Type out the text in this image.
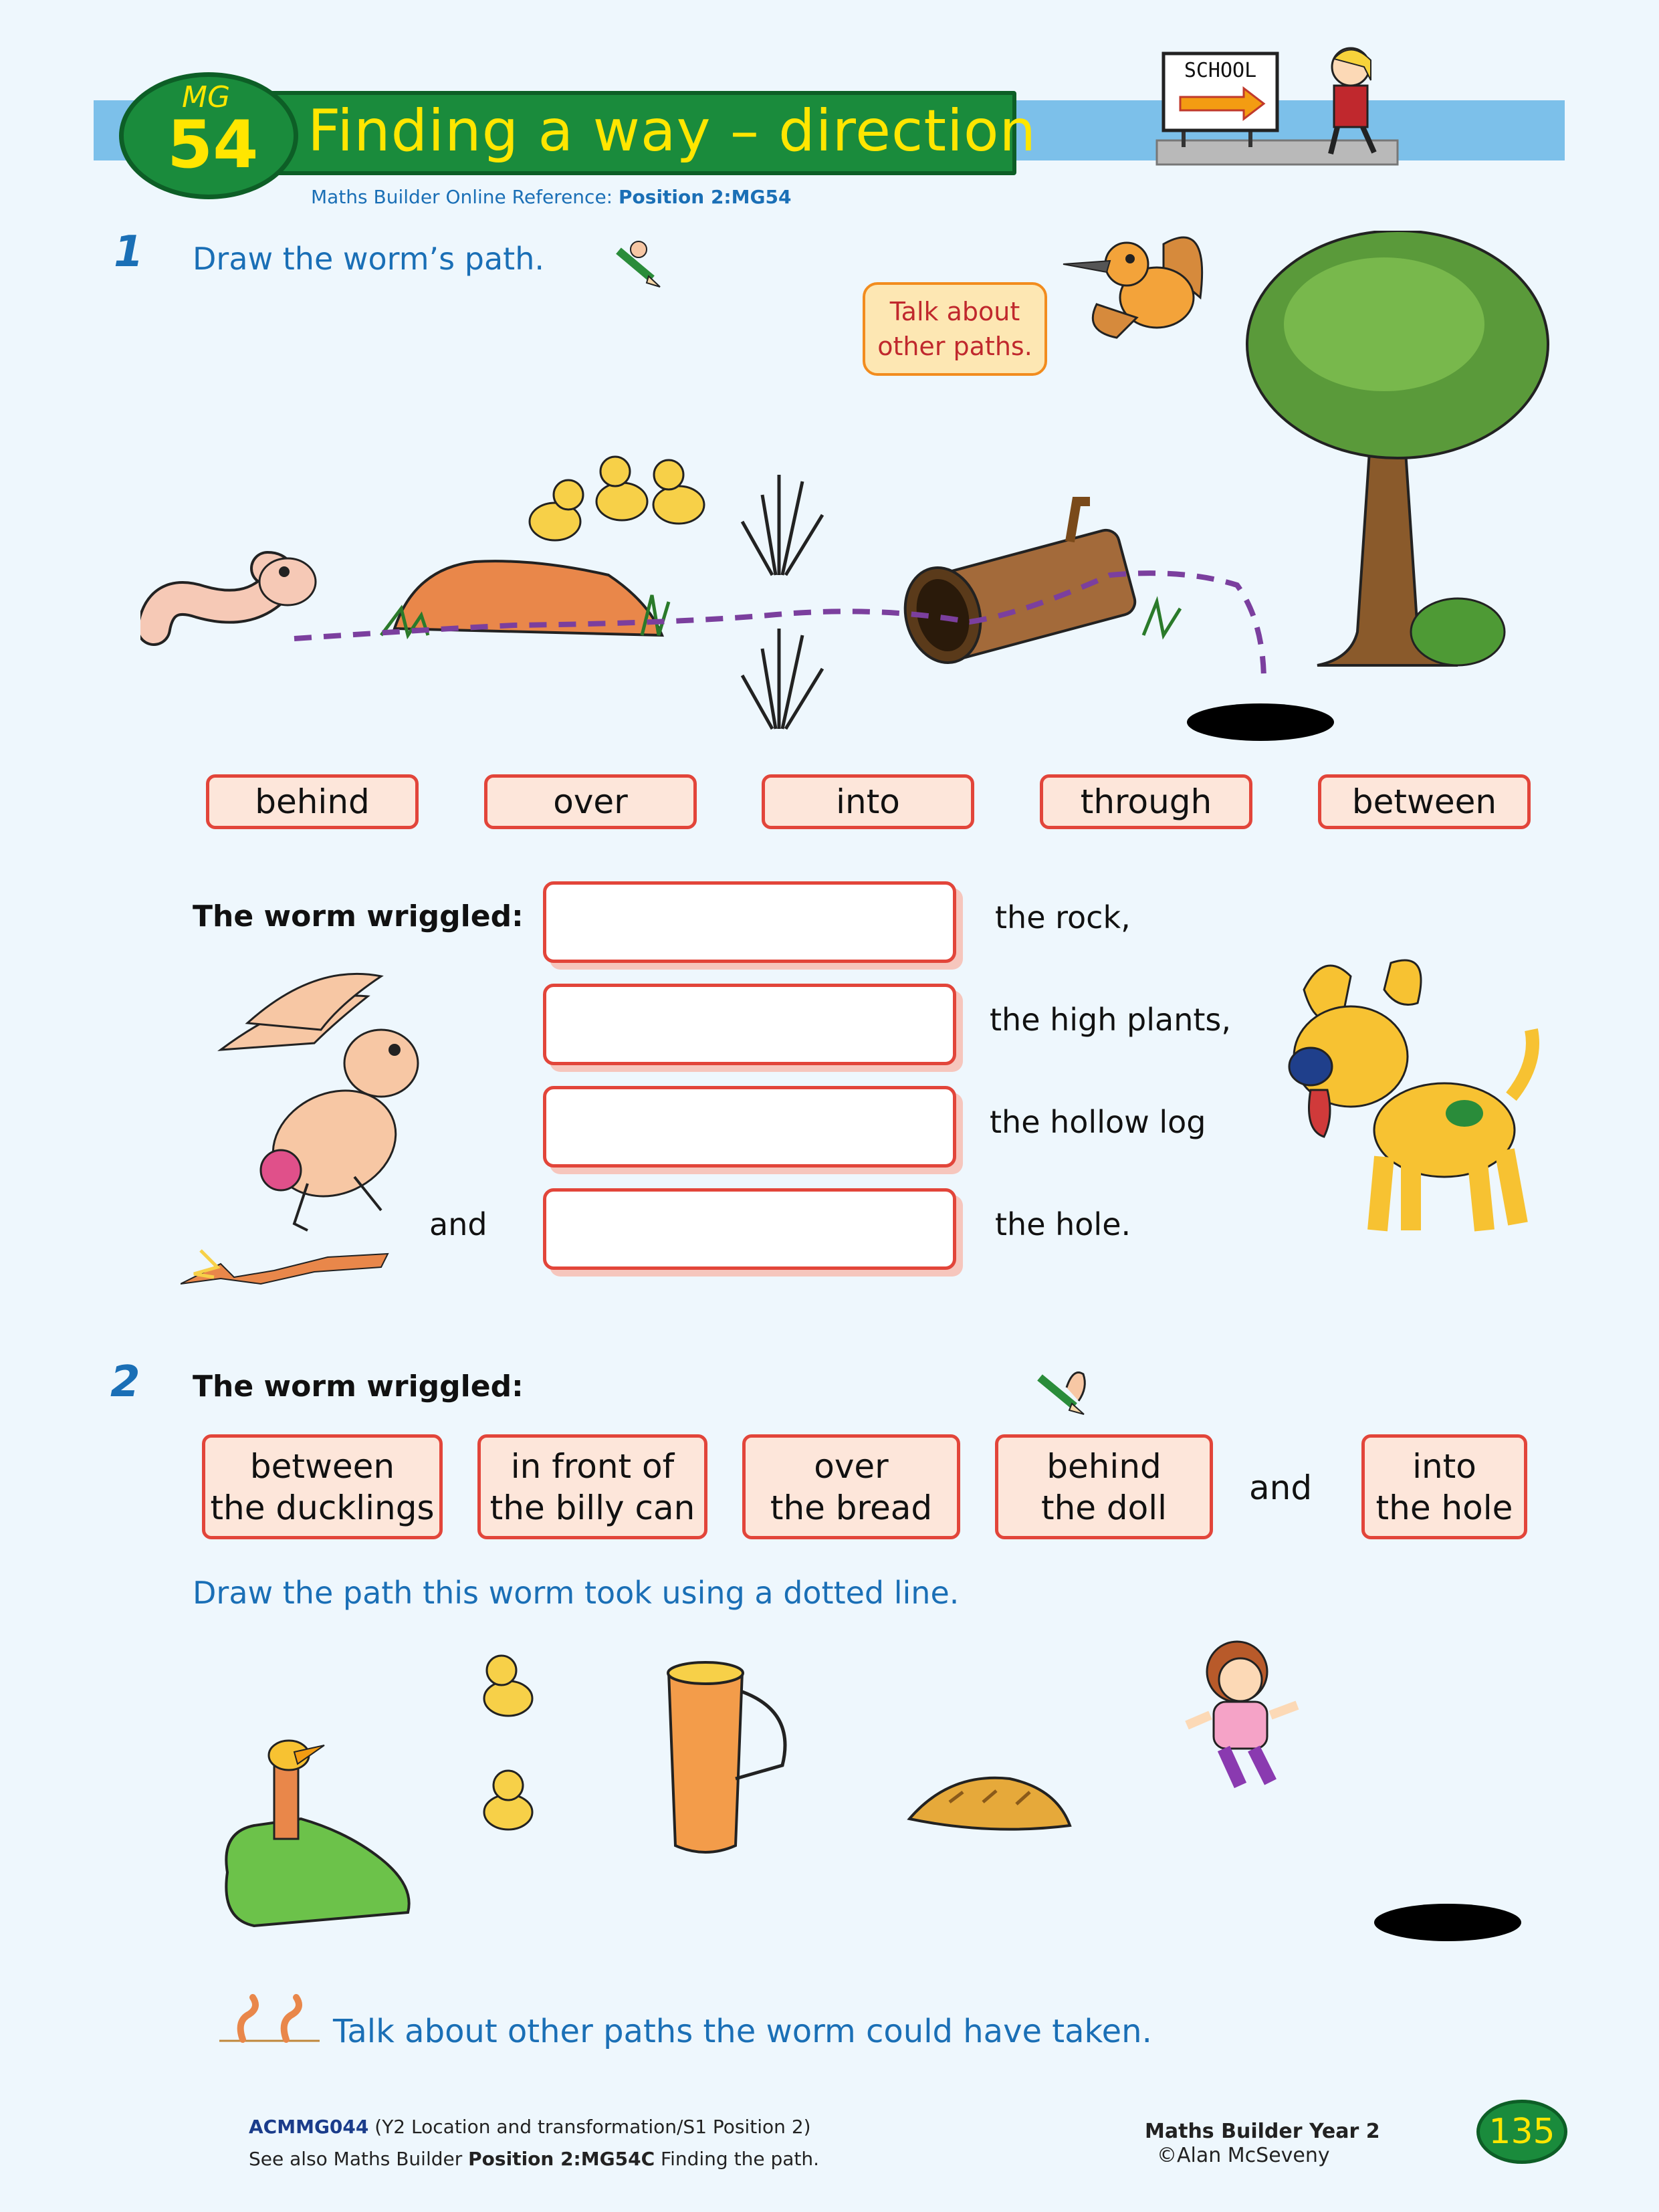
Finding a way – direction
MG
54
Maths Builder Online Reference: Position 2:MG54
SCHOOL
1 Draw the worm’s path.
Talk about other paths.
behind	over	into	through	between
The worm wriggled:	the rock,
the high plants,
the hollow log
the hole.
and
2 The worm wriggled:
between
the ducklings
in front of
the billy can
over
the bread
behind
the doll
and
into
the hole
Draw the path this worm took using a dotted line.
Talk about other paths the worm could have taken.
ACMMG044 (Y2 Location and transformation/S1 Position 2)
See also Maths Builder Position 2:MG54C Finding the path.
Maths Builder Year 2
©Alan McSeveny
135
